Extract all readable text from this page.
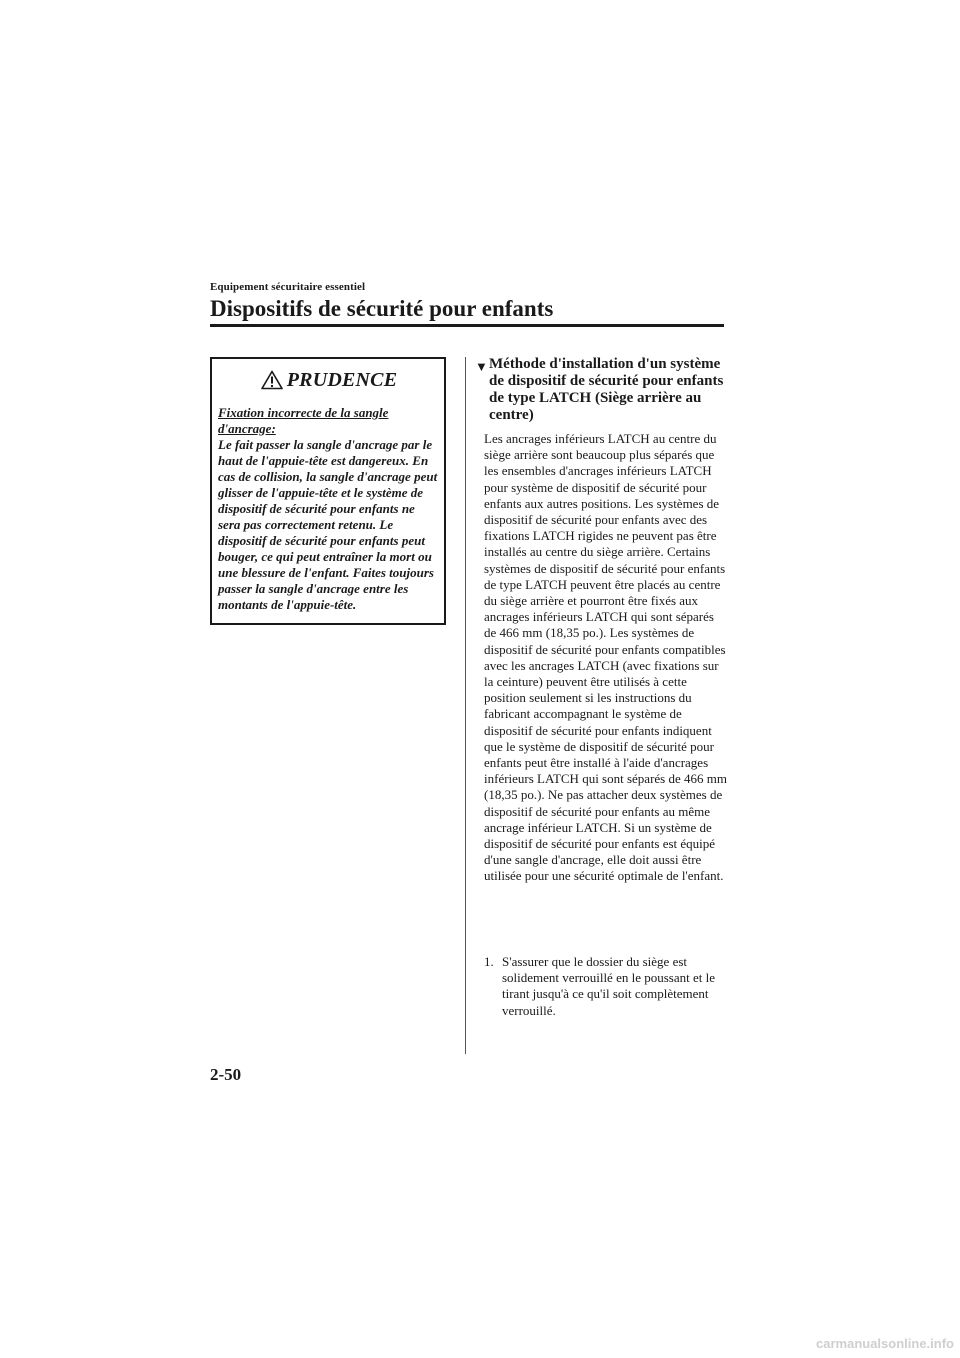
Equipement sécuritaire essentiel
Dispositifs de sécurité pour enfants
PRUDENCE

Fixation incorrecte de la sangle d'ancrage:

Le fait passer la sangle d'ancrage par le haut de l'appuie-tête est dangereux. En cas de collision, la sangle d'ancrage peut glisser de l'appuie-tête et le système de dispositif de sécurité pour enfants ne sera pas correctement retenu. Le dispositif de sécurité pour enfants peut bouger, ce qui peut entraîner la mort ou une blessure de l'enfant. Faites toujours passer la sangle d'ancrage entre les montants de l'appuie-tête.

▼ Méthode d'installation d'un système de dispositif de sécurité pour enfants de type LATCH (Siège arrière au centre)

Les ancrages inférieurs LATCH au centre du siège arrière sont beaucoup plus séparés que les ensembles d'ancrages inférieurs LATCH pour système de dispositif de sécurité pour enfants aux autres positions. Les systèmes de dispositif de sécurité pour enfants avec des fixations LATCH rigides ne peuvent pas être installés au centre du siège arrière. Certains systèmes de dispositif de sécurité pour enfants de type LATCH peuvent être placés au centre du siège arrière et pourront être fixés aux ancrages inférieurs LATCH qui sont séparés de 466 mm (18,35 po.). Les systèmes de dispositif de sécurité pour enfants compatibles avec les ancrages LATCH (avec fixations sur la ceinture) peuvent être utilisés à cette position seulement si les instructions du fabricant accompagnant le système de dispositif de sécurité pour enfants indiquent que le système de dispositif de sécurité pour enfants peut être installé à l'aide d'ancrages inférieurs LATCH qui sont séparés de 466 mm (18,35 po.). Ne pas attacher deux systèmes de dispositif de sécurité pour enfants au même ancrage inférieur LATCH. Si un système de dispositif de sécurité pour enfants est équipé d'une sangle d'ancrage, elle doit aussi être utilisée pour une sécurité optimale de l'enfant.

1. S'assurer que le dossier du siège est solidement verrouillé en le poussant et le tirant jusqu'à ce qu'il soit complètement verrouillé.
2-50
carmanualsonline.info
